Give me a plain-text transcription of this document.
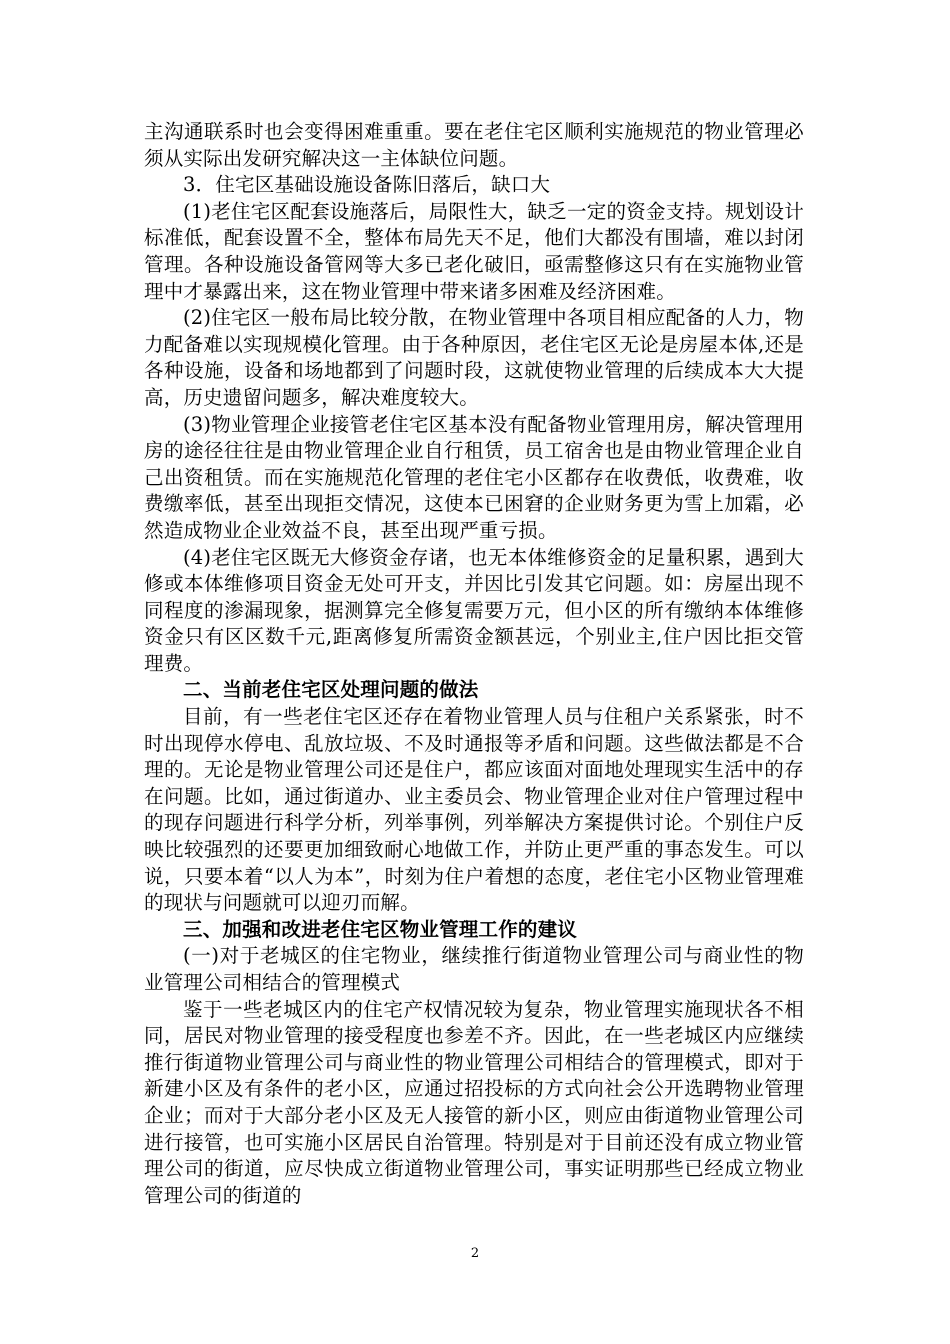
主沟通联系时也会变得困难重重。要在老住宅区顺利实施规范的物业管理必须从实际出发研究解决这一主体缺位问题。

3．住宅区基础设施设备陈旧落后，缺口大

(1)老住宅区配套设施落后，局限性大，缺乏一定的资金支持。规划设计标准低，配套设置不全，整体布局先天不足，他们大都没有围墙，难以封闭管理。各种设施设备管网等大多已老化破旧，亟需整修这只有在实施物业管理中才暴露出来，这在物业管理中带来诸多困难及经济困难。

(2)住宅区一般布局比较分散，在物业管理中各项目相应配备的人力，物力配备难以实现规模化管理。由于各种原因，老住宅区无论是房屋本体,还是各种设施，设备和场地都到了问题时段，这就使物业管理的后续成本大大提高，历史遗留问题多，解决难度较大。

(3)物业管理企业接管老住宅区基本没有配备物业管理用房，解决管理用房的途径往往是由物业管理企业自行租赁，员工宿舍也是由物业管理企业自己出资租赁。而在实施规范化管理的老住宅小区都存在收费低，收费难，收费缴率低，甚至出现拒交情况，这使本已困窘的企业财务更为雪上加霜，必然造成物业企业效益不良，甚至出现严重亏损。

(4)老住宅区既无大修资金存诸，也无本体维修资金的足量积累，遇到大修或本体维修项目资金无处可开支，并因比引发其它问题。如：房屋出现不同程度的渗漏现象，据测算完全修复需要万元，但小区的所有缴纳本体维修资金只有区区数千元,距离修复所需资金额甚远，个别业主,住户因比拒交管理费。

二、当前老住宅区处理问题的做法

目前，有一些老住宅区还存在着物业管理人员与住租户关系紧张，时不时出现停水停电、乱放垃圾、不及时通报等矛盾和问题。这些做法都是不合理的。无论是物业管理公司还是住户，都应该面对面地处理现实生活中的存在问题。比如，通过街道办、业主委员会、物业管理企业对住户管理过程中的现存问题进行科学分析，列举事例，列举解决方案提供讨论。个别住户反映比较强烈的还要更加细致耐心地做工作，并防止更严重的事态发生。可以说，只要本着“以人为本”，时刻为住户着想的态度，老住宅小区物业管理难的现状与问题就可以迎刃而解。

三、加强和改进老住宅区物业管理工作的建议

(一)对于老城区的住宅物业，继续推行街道物业管理公司与商业性的物业管理公司相结合的管理模式

鉴于一些老城区内的住宅产权情况较为复杂，物业管理实施现状各不相同，居民对物业管理的接受程度也参差不齐。因此，在一些老城区内应继续推行街道物业管理公司与商业性的物业管理公司相结合的管理模式，即对于新建小区及有条件的老小区，应通过招投标的方式向社会公开选聘物业管理企业；而对于大部分老小区及无人接管的新小区，则应由街道物业管理公司进行接管，也可实施小区居民自治管理。特别是对于目前还没有成立物业管理公司的街道，应尽快成立街道物业管理公司，事实证明那些已经成立物业管理公司的街道的

2
